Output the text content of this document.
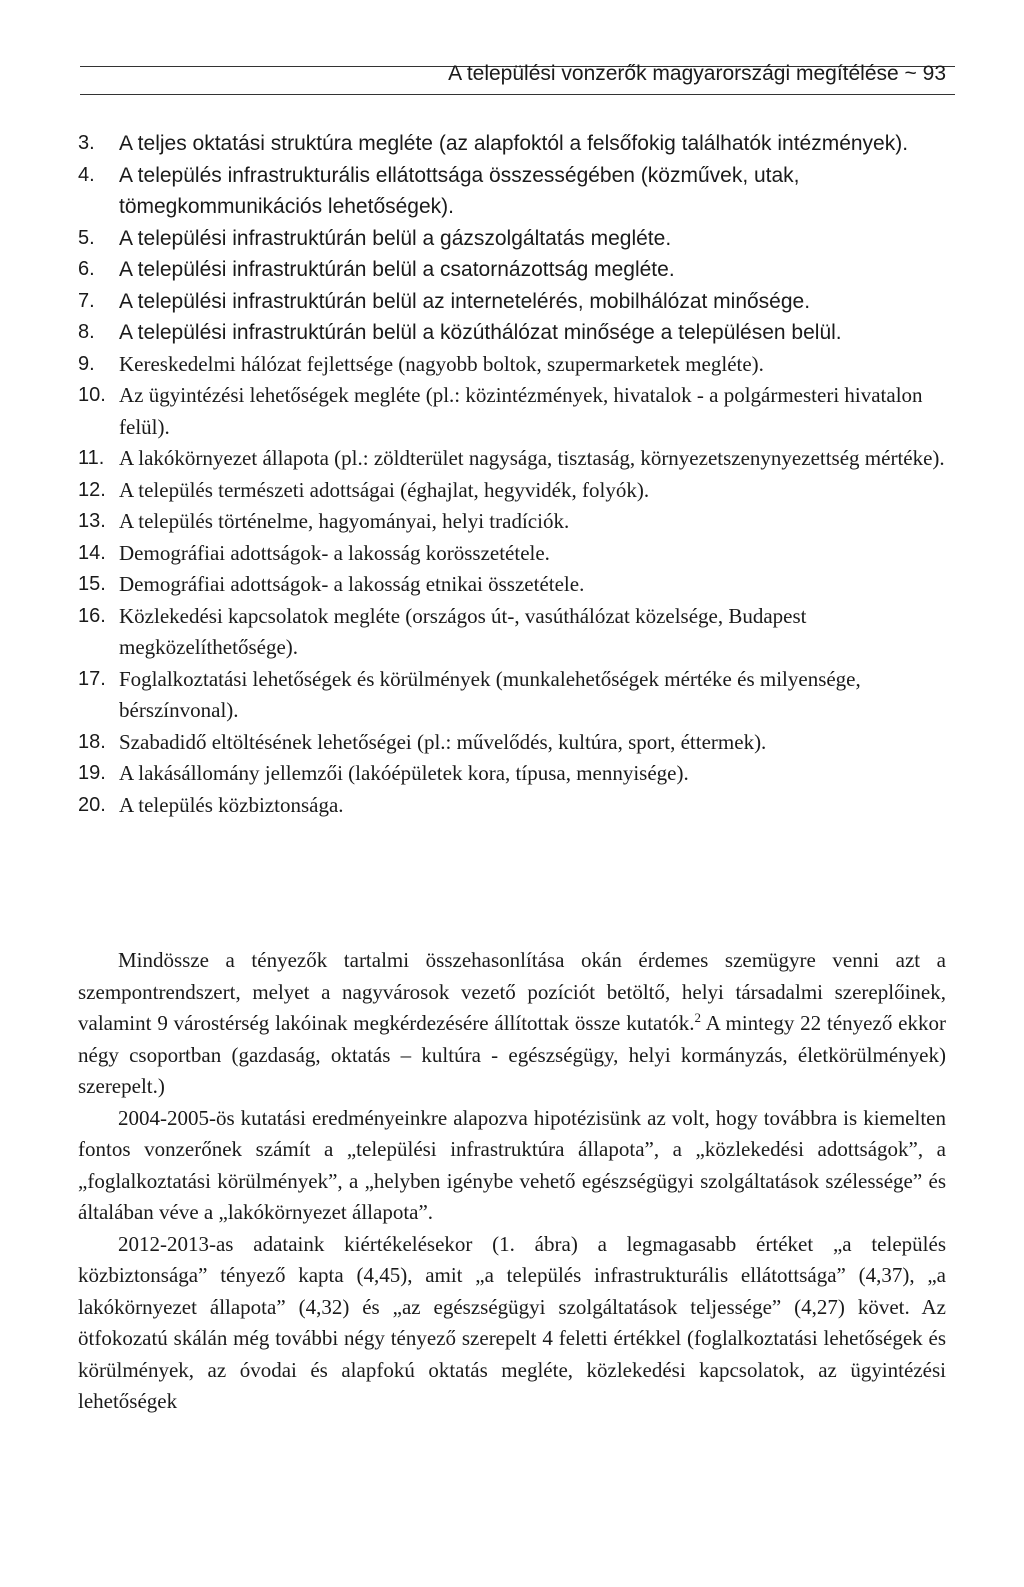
A települési vonzerők magyarországi megítélése ~ 93
3.	A teljes oktatási struktúra megléte (az alapfoktól a felsőfokig találhatók intézmények).
4.	A település infrastrukturális ellátottsága összességében (közművek, utak, tömegkommunikációs lehetőségek).
5.	A települési infrastruktúrán belül a gázszolgáltatás megléte.
6.	A települési infrastruktúrán belül a csatornázottság megléte.
7.	A települési infrastruktúrán belül az internetelérés, mobilhálózat minősége.
8.	A települési infrastruktúrán belül a közúthálózat minősége a településen belül.
9.	Kereskedelmi hálózat fejlettsége (nagyobb boltok, szupermarketek megléte).
10. Az ügyintézési lehetőségek megléte (pl.: közintézmények, hivatalok - a polgármesteri hivatalon felül).
11. A lakókörnyezet állapota (pl.: zöldterület nagysága, tisztaság, környezetszenynyezettség mértéke).
12. A település természeti adottságai (éghajlat, hegyvidék, folyók).
13. A település történelme, hagyományai, helyi tradíciók.
14. Demográfiai adottságok- a lakosság korösszetétele.
15. Demográfiai adottságok- a lakosság etnikai összetétele.
16. Közlekedési kapcsolatok megléte (országos út-, vasúthálózat közelsége, Budapest megközelíthetősége).
17. Foglalkoztatási lehetőségek és körülmények (munkalehetőségek mértéke és milyensége, bérszínvonal).
18. Szabadidő eltöltésének lehetőségei (pl.: művelődés, kultúra, sport, éttermek).
19. A lakásállomány jellemzői (lakóépületek kora, típusa, mennyisége).
20. A település közbiztonsága.

Mindössze a tényezők tartalmi összehasonlítása okán érdemes szemügyre venni azt a szempontrendszert, melyet a nagyvárosok vezető pozíciót betöltő, helyi társadalmi szereplőinek, valamint 9 várostérség lakóinak megkérdezésére állítottak össze kutatók.$^2$ A mintegy 22 tényező ekkor négy csoportban (gazdaság, oktatás – kultúra - egészségügy, helyi kormányzás, életkörülmények) szerepelt.)

2004-2005-ös kutatási eredményeinkre alapozva hipotézisünk az volt, hogy továbbra is kiemelten fontos vonzerőnek számít a „települési infrastruktúra állapota”, a „közlekedési adottságok”, a „foglalkoztatási körülmények”, a „helyben igénybe vehető egészségügyi szolgáltatások szélessége” és általában véve a „lakókörnyezet állapota”.

2012-2013-as adataink kiértékelésekor (1. ábra) a legmagasabb értéket „a település közbiztonsága” tényező kapta (4,45), amit „a település infrastrukturális ellátottsága” (4,37), „a lakókörnyezet állapota” (4,32) és „az egészségügyi szolgáltatások teljessége” (4,27) követ. Az ötfokozatú skálán még további négy tényező szerepelt 4 feletti értékkel (foglalkoztatási lehetőségek és körülmények, az óvodai és alapfokú oktatás megléte, közlekedési kapcsolatok, az ügyintézési lehetőségek
